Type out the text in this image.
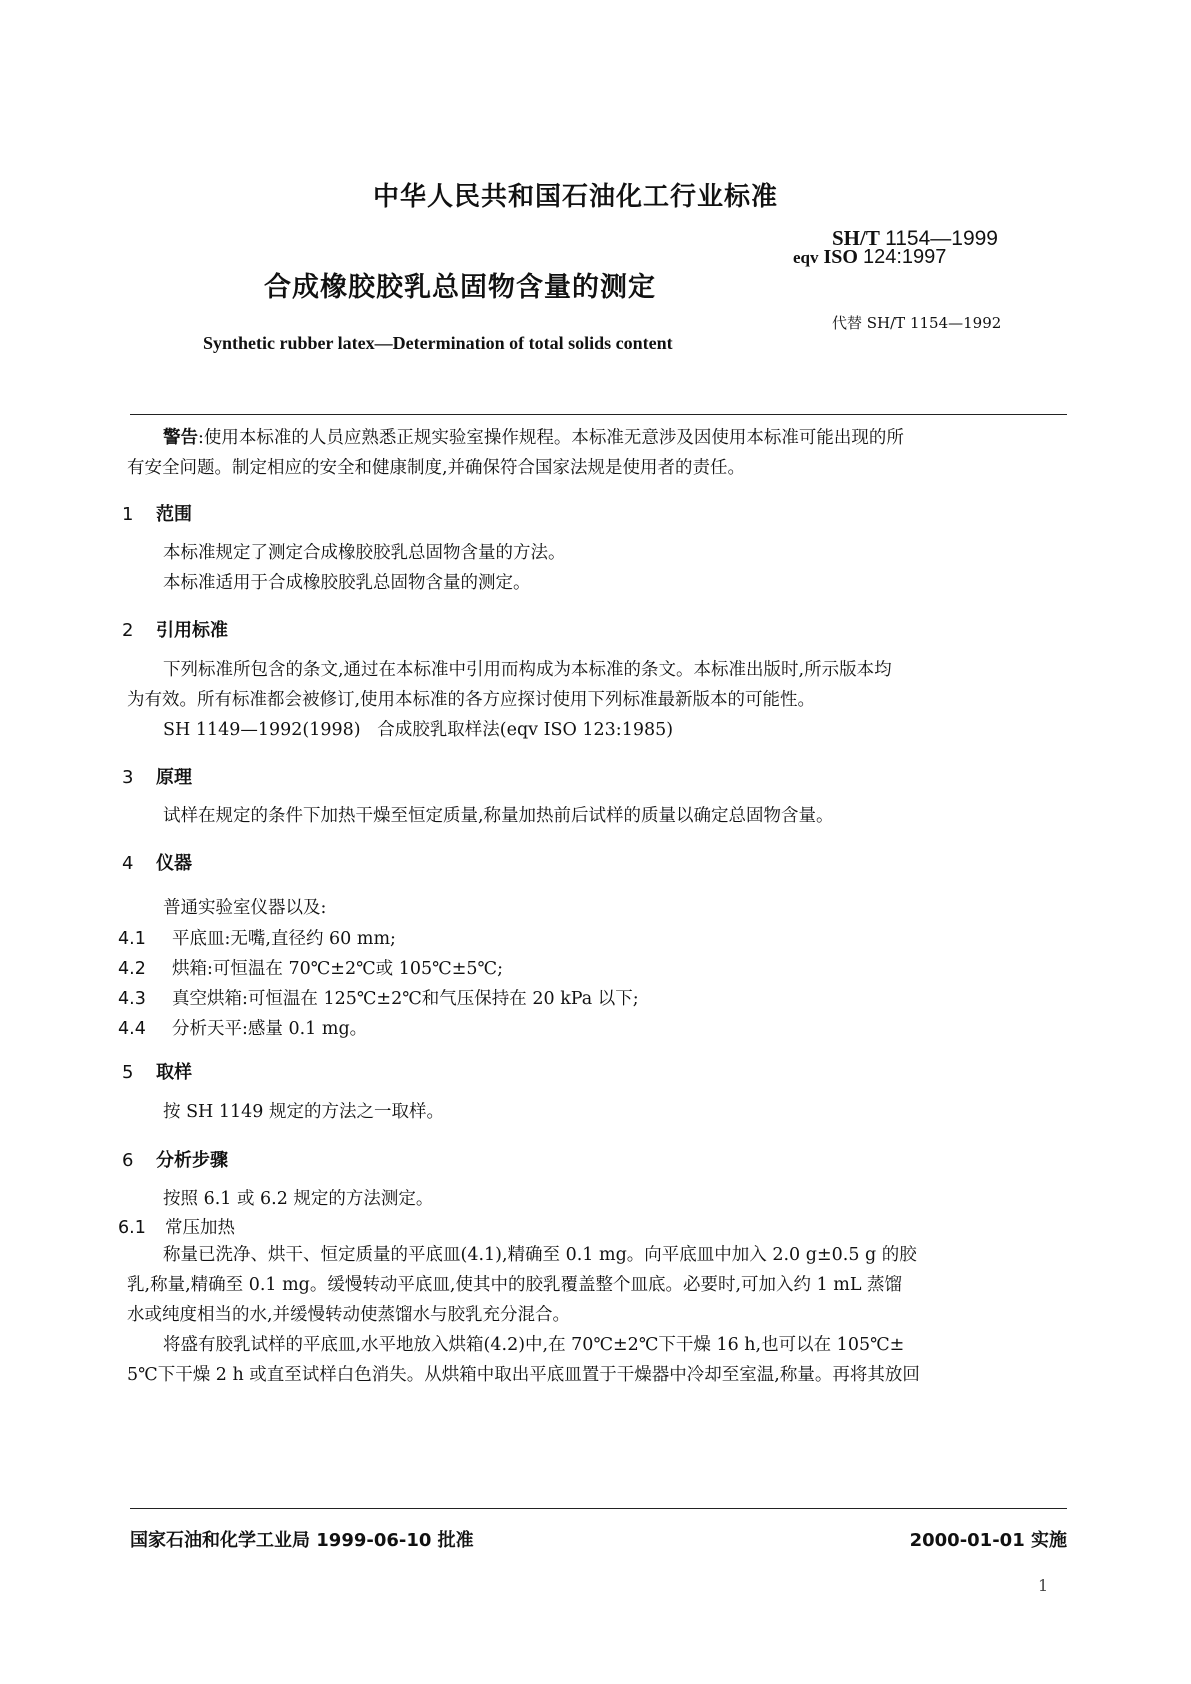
中华人民共和国石油化工行业标准
SH/T 1154—1999
eqv ISO 124:1997
合成橡胶胶乳总固物含量的测定
代替 SH/T 1154—1992
Synthetic rubber latex—Determination of total solids content
警告:使用本标准的人员应熟悉正规实验室操作规程。本标准无意涉及因使用本标准可能出现的所
有安全问题。制定相应的安全和健康制度,并确保符合国家法规是使用者的责任。
1 范围
本标准规定了测定合成橡胶胶乳总固物含量的方法。
本标准适用于合成橡胶胶乳总固物含量的测定。
2 引用标准
下列标准所包含的条文,通过在本标准中引用而构成为本标准的条文。本标准出版时,所示版本均
为有效。所有标准都会被修订,使用本标准的各方应探讨使用下列标准最新版本的可能性。
SH 1149—1992(1998)   合成胶乳取样法(eqv ISO 123:1985)
3 原理
试样在规定的条件下加热干燥至恒定质量,称量加热前后试样的质量以确定总固物含量。
4 仪器
普通实验室仪器以及:
4.1 平底皿:无嘴,直径约 60 mm;
4.2 烘箱:可恒温在 70℃±2℃或 105℃±5℃;
4.3 真空烘箱:可恒温在 125℃±2℃和气压保持在 20 kPa 以下;
4.4 分析天平:感量 0.1 mg。
5 取样
按 SH 1149 规定的方法之一取样。
6 分析步骤
按照 6.1 或 6.2 规定的方法测定。
6.1 常压加热
称量已洗净、烘干、恒定质量的平底皿(4.1),精确至 0.1 mg。向平底皿中加入 2.0 g±0.5 g 的胶
乳,称量,精确至 0.1 mg。缓慢转动平底皿,使其中的胶乳覆盖整个皿底。必要时,可加入约 1 mL 蒸馏
水或纯度相当的水,并缓慢转动使蒸馏水与胶乳充分混合。
将盛有胶乳试样的平底皿,水平地放入烘箱(4.2)中,在 70℃±2℃下干燥 16 h,也可以在 105℃±
5℃下干燥 2 h 或直至试样白色消失。从烘箱中取出平底皿置于干燥器中冷却至室温,称量。再将其放回
国家石油和化学工业局 1999-06-10 批准	2000-01-01 实施
1
